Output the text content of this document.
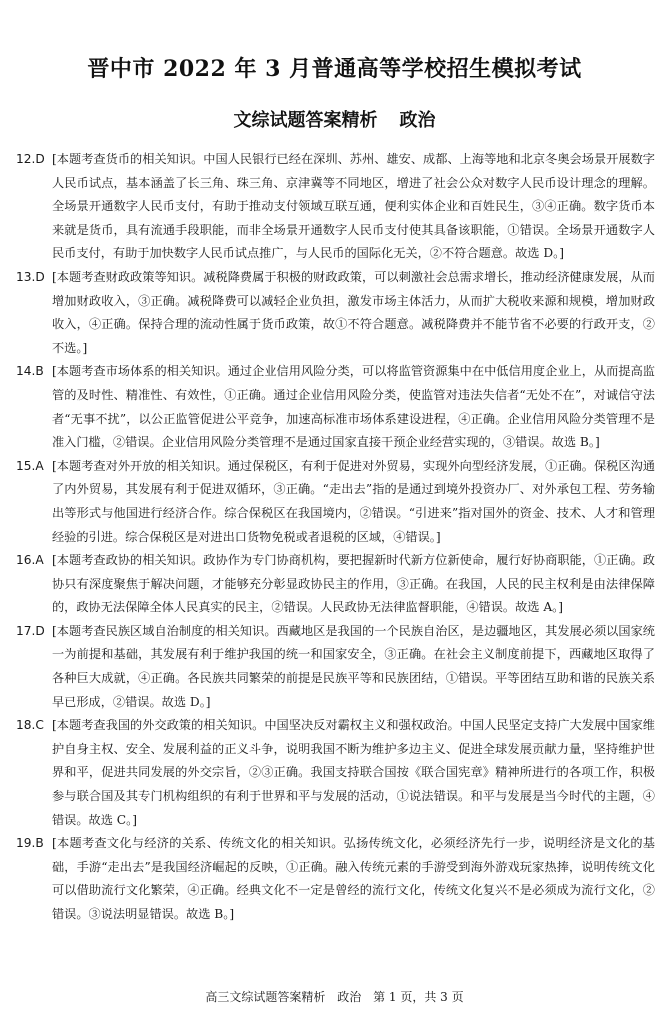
晋中市 2022 年 3 月普通高等学校招生模拟考试
文综试题答案精析 政治

12.D [本题考查货币的相关知识。中国人民银行已经在深圳、苏州、雄安、成都、上海等地和北京冬奥会场景开展数字人民币试点，基本涵盖了长三角、珠三角、京津冀等不同地区，增进了社会公众对数字人民币设计理念的理解。全场景开通数字人民币支付，有助于推动支付领域互联互通，便利实体企业和百姓民生，③④正确。数字货币本来就是货币，具有流通手段职能，而非全场景开通数字人民币支付使其具备该职能，①错误。全场景开通数字人民币支付，有助于加快数字人民币试点推广，与人民币的国际化无关，②不符合题意。故选 D。]

13.D [本题考查财政政策等知识。减税降费属于积极的财政政策，可以刺激社会总需求增长，推动经济健康发展，从而增加财政收入，③正确。减税降费可以减轻企业负担，激发市场主体活力，从而扩大税收来源和规模，增加财政收入，④正确。保持合理的流动性属于货币政策，故①不符合题意。减税降费并不能节省不必要的行政开支，②不选。]

14.B [本题考查市场体系的相关知识。通过企业信用风险分类，可以将监管资源集中在中低信用度企业上，从而提高监管的及时性、精准性、有效性，①正确。通过企业信用风险分类，使监管对违法失信者“无处不在”，对诚信守法者“无事不扰”，以公正监管促进公平竞争，加速高标准市场体系建设进程，④正确。企业信用风险分类管理不是准入门槛，②错误。企业信用风险分类管理不是通过国家直接干预企业经营实现的，③错误。故选 B。]

15.A [本题考查对外开放的相关知识。通过保税区，有利于促进对外贸易，实现外向型经济发展，①正确。保税区沟通了内外贸易，其发展有利于促进双循环，③正确。“走出去”指的是通过到境外投资办厂、对外承包工程、劳务输出等形式与他国进行经济合作。综合保税区在我国境内，②错误。“引进来”指对国外的资金、技术、人才和管理经验的引进。综合保税区是对进出口货物免税或者退税的区域，④错误。]

16.A [本题考查政协的相关知识。政协作为专门协商机构，要把握新时代新方位新使命，履行好协商职能，①正确。政协只有深度聚焦于解决问题，才能够充分彰显政协民主的作用，③正确。在我国，人民的民主权利是由法律保障的，政协无法保障全体人民真实的民主，②错误。人民政协无法律监督职能，④错误。故选 A。]

17.D [本题考查民族区域自治制度的相关知识。西藏地区是我国的一个民族自治区，是边疆地区，其发展必须以国家统一为前提和基础，其发展有利于维护我国的统一和国家安全，③正确。在社会主义制度前提下，西藏地区取得了各种巨大成就，④正确。各民族共同繁荣的前提是民族平等和民族团结，①错误。平等团结互助和谐的民族关系早已形成，②错误。故选 D。]

18.C [本题考查我国的外交政策的相关知识。中国坚决反对霸权主义和强权政治。中国人民坚定支持广大发展中国家维护自身主权、安全、发展利益的正义斗争，说明我国不断为维护多边主义、促进全球发展贡献力量，坚持维护世界和平，促进共同发展的外交宗旨，②③正确。我国支持联合国按《联合国宪章》精神所进行的各项工作，积极参与联合国及其专门机构组织的有利于世界和平与发展的活动，①说法错误。和平与发展是当今时代的主题，④错误。故选 C。]

19.B [本题考查文化与经济的关系、传统文化的相关知识。弘扬传统文化，必须经济先行一步，说明经济是文化的基础，手游“走出去”是我国经济崛起的反映，①正确。融入传统元素的手游受到海外游戏玩家热捧，说明传统文化可以借助流行文化繁荣，④正确。经典文化不一定是曾经的流行文化，传统文化复兴不是必须成为流行文化，②错误。③说法明显错误。故选 B。]

高三文综试题答案精析 政治 第 1 页，共 3 页
